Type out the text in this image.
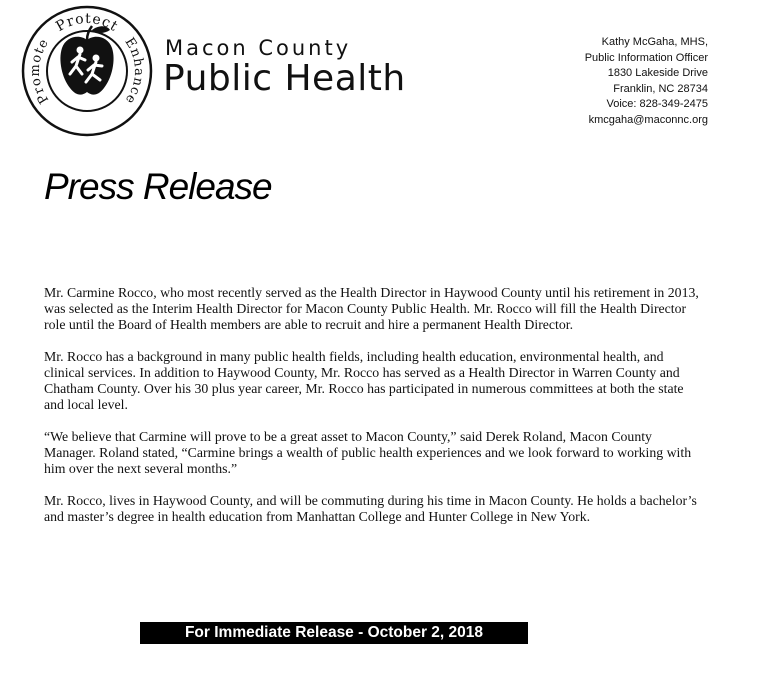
Protect
Enhance
Promote	Macon County
Public Health
Kathy McGaha, MHS,
Public Information Officer
1830 Lakeside Drive
Franklin, NC 28734
Voice: 828-349-2475
kmcgaha@maconnc.org
Press Release

Mr. Carmine Rocco, who most recently served as the Health Director in Haywood County until his retirement in 2013, was selected as the Interim Health Director for Macon County Public Health. Mr. Rocco will fill the Health Director role until the Board of Health members are able to recruit and hire a permanent Health Director.

Mr. Rocco has a background in many public health fields, including health education, environmental health, and clinical services. In addition to Haywood County, Mr. Rocco has served as a Health Director in Warren County and Chatham County. Over his 30 plus year career, Mr. Rocco has participated in numerous committees at both the state and local level.

“We believe that Carmine will prove to be a great asset to Macon County,” said Derek Roland, Macon County Manager. Roland stated, “Carmine brings a wealth of public health experiences and we look forward to working with him over the next several months.”

Mr. Rocco, lives in Haywood County, and will be commuting during his time in Macon County. He holds a bachelor’s and master’s degree in health education from Manhattan College and Hunter College in New York.

For Immediate Release - October 2, 2018
